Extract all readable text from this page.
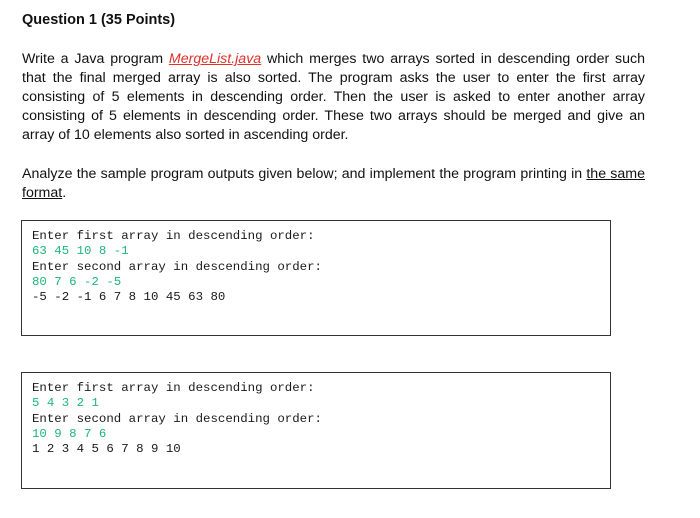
Question 1 (35 Points)
Write a Java program MergeList.java which merges two arrays sorted in descending order such that the final merged array is also sorted. The program asks the user to enter the first array consisting of 5 elements in descending order. Then the user is asked to enter another array consisting of 5 elements in descending order. These two arrays should be merged and give an array of 10 elements also sorted in ascending order.
Analyze the sample program outputs given below; and implement the program printing in the same format.
Enter first array in descending order:
63 45 10 8 -1
Enter second array in descending order:
80 7 6 -2 -5
-5 -2 -1 6 7 8 10 45 63 80
Enter first array in descending order:
5 4 3 2 1
Enter second array in descending order:
10 9 8 7 6
1 2 3 4 5 6 7 8 9 10
